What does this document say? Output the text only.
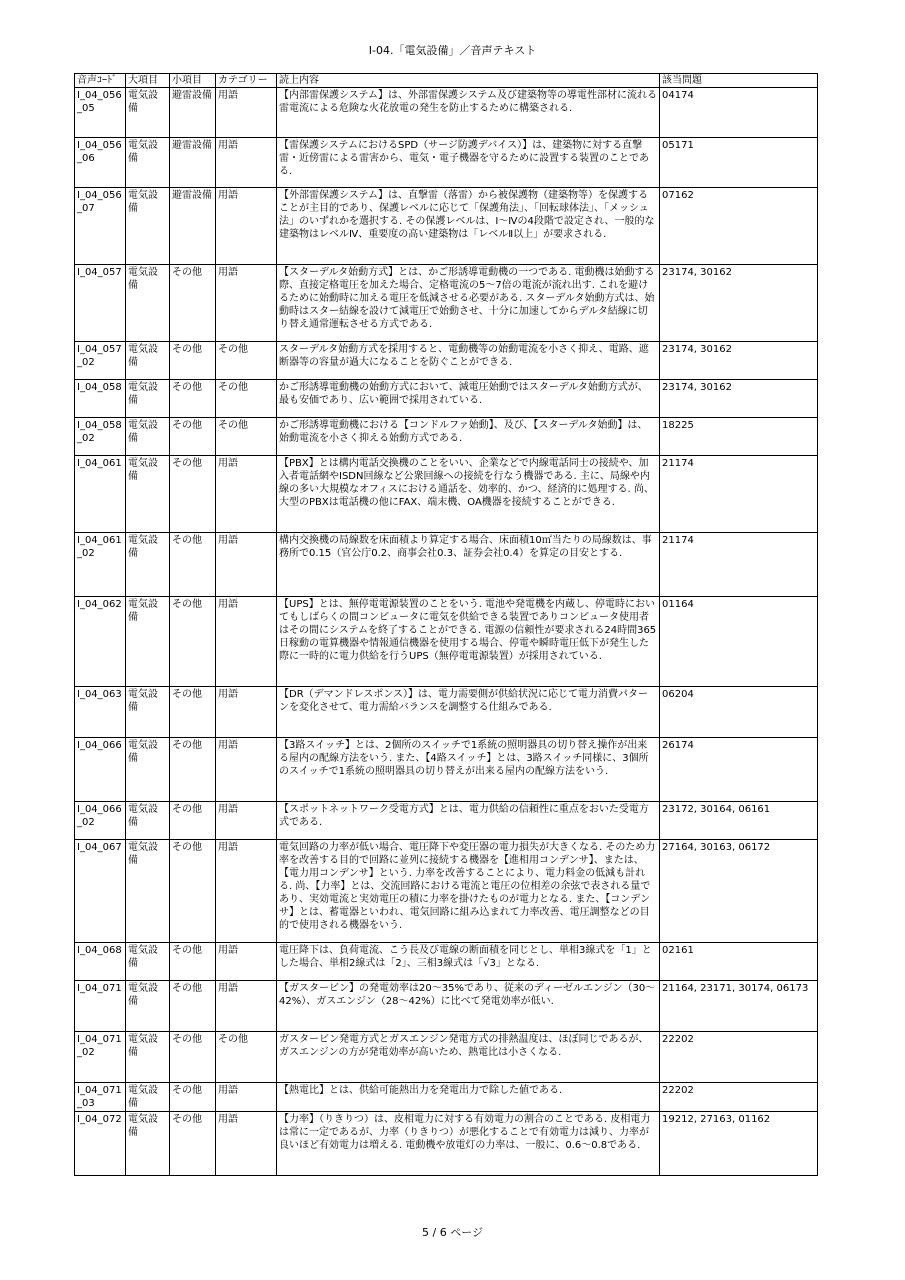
I-04.「電気設備」／音声テキスト
音声ｺｰﾄﾞ	大項目	小項目	カテゴリー	読上内容	該当問題
I_04_056_05	電気設備	避雷設備	用語	【内部雷保護システム】は、外部雷保護システム及び建築物等の導電性部材に流れる雷電流による危険な火花放電の発生を防止するために構築される.	04174
I_04_056_06	電気設備	避雷設備	用語	【雷保護システムにおけるSPD（サージ防護デバイス）】は、建築物に対する直撃雷・近傍雷による雷害から、電気・電子機器を守るために設置する装置のことである.	05171
I_04_056_07	電気設備	避雷設備	用語	【外部雷保護システム】は、直撃雷（落雷）から被保護物（建築物等）を保護することが主目的であり、保護レベルに応じて「保護角法」、「回転球体法」、「メッシュ法」のいずれかを選択する. その保護レベルは、Ⅰ～Ⅳの4段階で設定され、一般的な建築物はレベルⅣ、重要度の高い建築物は「レベルⅡ以上」が要求される.	07162
I_04_057	電気設備	その他	用語	【スターデルタ始動方式】とは、かご形誘導電動機の一つである. 電動機は始動する際、直接定格電圧を加えた場合、定格電流の5～7倍の電流が流れ出す. これを避けるために始動時に加える電圧を低減させる必要がある. スターデルタ始動方式は、始動時はスター結線を設けて減電圧で始動させ、十分に加速してからデルタ結線に切り替え通常運転させる方式である.	23174, 30162
I_04_057_02	電気設備	その他	その他	スターデルタ始動方式を採用すると、電動機等の始動電流を小さく抑え、電路、遮断器等の容量が過大になることを防ぐことができる.	23174, 30162
I_04_058	電気設備	その他	その他	かご形誘導電動機の始動方式において、減電圧始動ではスターデルタ始動方式が、最も安価であり、広い範囲で採用されている.	23174, 30162
I_04_058_02	電気設備	その他	その他	かご形誘導電動機における【コンドルファ始動】、及び、【スターデルタ始動】は、始動電流を小さく抑える始動方式である.	18225
I_04_061	電気設備	その他	用語	【PBX】とは構内電話交換機のことをいい、企業などで内線電話同士の接続や、加入者電話網やISDN回線など公衆回線への接続を行なう機器である. 主に、局線や内線の多い大規模なオフィスにおける通話を、効率的、かつ、経済的に処理する. 尚、大型のPBXは電話機の他にFAX、端末機、OA機器を接続することができる.	21174
I_04_061_02	電気設備	その他	用語	構内交換機の局線数を床面積より算定する場合、床面積10㎡当たりの局線数は、事務所で0.15（官公庁0.2、商事会社0.3、証券会社0.4）を算定の目安とする.	21174
I_04_062	電気設備	その他	用語	【UPS】とは、無停電電源装置のことをいう. 電池や発電機を内蔵し、停電時においてもしばらくの間コンピュータに電気を供給できる装置でありコンピュータ使用者はその間にシステムを終了することができる. 電源の信頼性が要求される24時間365日稼動の電算機器や情報通信機器を使用する場合、停電や瞬時電圧低下が発生した際に一時的に電力供給を行うUPS（無停電電源装置）が採用されている.	01164
I_04_063	電気設備	その他	用語	【DR（デマンドレスポンス）】は、電力需要側が供給状況に応じて電力消費パターンを変化させて、電力需給バランスを調整する仕組みである.	06204
I_04_066	電気設備	その他	用語	【3路スイッチ】とは、2個所のスイッチで1系統の照明器具の切り替え操作が出来る屋内の配線方法をいう. また、【4路スイッチ】とは、3路スイッチ同様に、3個所のスイッチで1系統の照明器具の切り替えが出来る屋内の配線方法をいう.	26174
I_04_066_02	電気設備	その他	用語	【スポットネットワーク受電方式】とは、電力供給の信頼性に重点をおいた受電方式である.	23172, 30164, 06161
I_04_067	電気設備	その他	用語	電気回路の力率が低い場合、電圧降下や変圧器の電力損失が大きくなる. そのため力率を改善する目的で回路に並列に接続する機器を【進相用コンデンサ】、または、【電力用コンデンサ】という. 力率を改善することにより、電力料金の低減も計れる. 尚、【力率】とは、交流回路における電流と電圧の位相差の余弦で表される量であり、実効電流と実効電圧の積に力率を掛けたものが電力となる. また、【コンデンサ】とは、蓄電器といわれ、電気回路に組み込まれて力率改善、電圧調整などの目的で使用される機器をいう.	27164, 30163, 06172
I_04_068	電気設備	その他	用語	電圧降下は、負荷電流、こう長及び電線の断面積を同じとし、単相3線式を「1」とした場合、単相2線式は「2」、三相3線式は「√3」となる.	02161
I_04_071	電気設備	その他	用語	【ガスタービン】の発電効率は20～35%であり、従来のディーゼルエンジン（30～42%）、ガスエンジン（28～42%）に比べて発電効率が低い.	21164, 23171, 30174, 06173
I_04_071_02	電気設備	その他	その他	ガスタービン発電方式とガスエンジン発電方式の排熱温度は、ほぼ同じであるが、ガスエンジンの方が発電効率が高いため、熱電比は小さくなる.	22202
I_04_071_03	電気設備	その他	用語	【熱電比】とは、供給可能熱出力を発電出力で除した値である.	22202
I_04_072	電気設備	その他	用語	【力率】（りきりつ）は、皮相電力に対する有効電力の割合のことである. 皮相電力は常に一定であるが、力率（りきりつ）が悪化することで有効電力は減り、力率が良いほど有効電力は増える. 電動機や放電灯の力率は、一般に、0.6～0.8である.	19212, 27163, 01162
5 / 6 ページ
